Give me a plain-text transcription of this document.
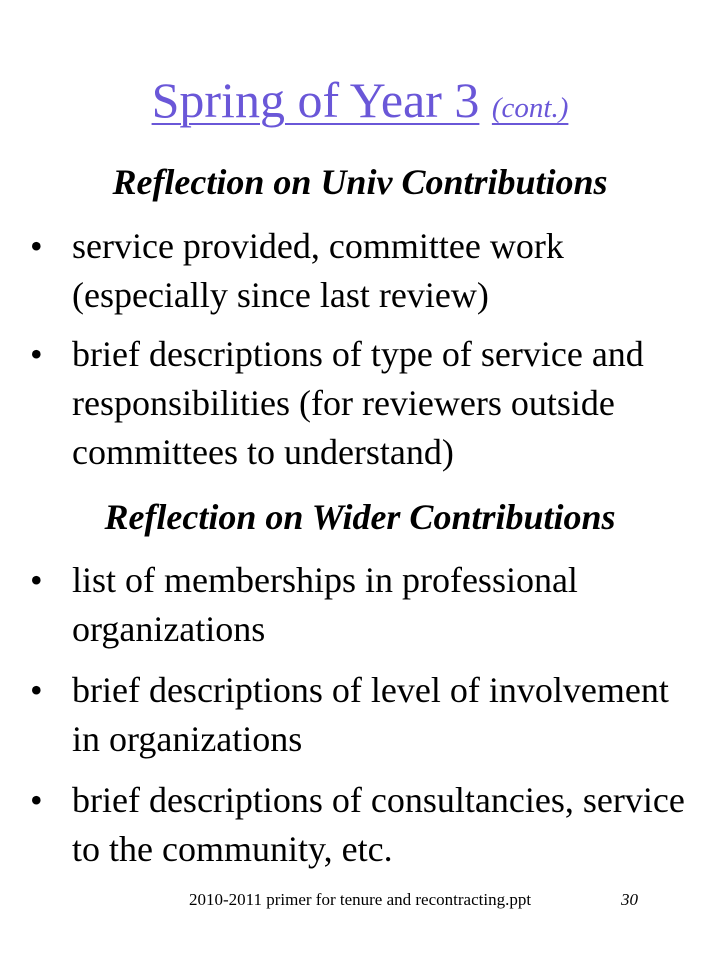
Spring of Year 3 (cont.)
Reflection on Univ Contributions
• service provided, committee work (especially since last review)
• brief descriptions of type of service and responsibilities (for reviewers outside committees to understand)
Reflection on Wider Contributions
• list of memberships in professional organizations
• brief descriptions of level of involvement in organizations
• brief descriptions of consultancies, service to the community, etc.
2010-2011 primer for tenure and recontracting.ppt	30
